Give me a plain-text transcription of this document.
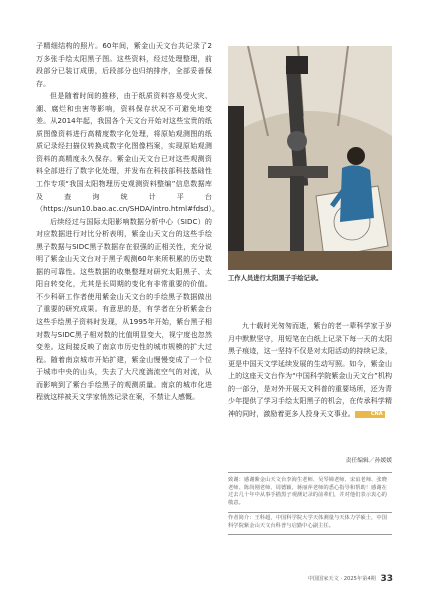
子精细结构的照片。60年间，紫金山天文台共记录了2万多张手绘太阳黑子图。这些资料，经过处理整理，前段部分已装订成册，后段部分也归纳排序，全部妥善保存。

但是随着时间的推移，由于纸质资料容易受火灾、潮、腐烂和虫害等影响，资料保存状况不可避免地变差。从2014年起，我国各个天文台开始对这些宝贵的纸质图像资料进行高精度数字化处理，将原始观测图的纸质记录经扫描仪转换成数字化图像档案，实现原始观测资料的高精度永久保存。紫金山天文台已对这些观测资料全部进行了数字化处理，并发布在科技部科技基础性工作专项“我国太阳物理历史观测资料整编”信息数据库及查询统计平台（https://sun10.bao.ac.cn/SHDA/intro.html#fdsd）。

后续经过与国际太阳影响数据分析中心（SIDC）的对应数据进行对比分析表明，紫金山天文台的这些手绘黑子数据与SIDC黑子数据存在很强的正相关性，充分说明了紫金山天文台对于黑子观测60年来所积累的历史数据的可靠性。这些数据的收集整理对研究太阳黑子、太阳自转变化，尤其是长周期的变化有非常重要的价值。不少科研工作者使用紫金山天文台的手绘黑子数据做出了重要的研究成果。有意思的是，有学者在分析紫金台这些手绘黑子资料时发现，从1995年开始，紫台黑子相对数与SIDC黑子相对数的比值明显变大，视宁度也忽然变差。这间接反映了南京市历史性的城市规模的扩大过程。随着南京城市开始扩建，紫金山慢慢变成了一个位于城市中央的山头，失去了大尺度湍流空气的对流，从而影响到了紫台手绘黑子的观测质量。南京的城市化进程就这样被天文学家悄然记录在案，不禁让人感慨。

工作人员进行太阳黑子手绘记录。

九十载时光匆匆而逝，紫台的老一辈科学家于岁月中默默坚守，用短笔在白纸上记录下每一天的太阳黑子痕迹，这一坚持不仅是对太阳活动的持续记录，更是中国天文学延续发展的生动写照。如今，紫金山上的这座天文台作为“中国科学院紫金山天文台”机构的一部分，是对外开展天文科普的重要场所，还为青少年提供了学习手绘太阳黑子的机会，在传承科学精神的同时，激励着更多人投身天文事业。	CNA

责任编辑／孙媛媛
致谢：感谢紫金山天文台李海生老师、吴琴娣老师、宋谊老师、张晓老师、陈尚刚老师、周德颖、蒋丽萍老师的悉心指导和帮助！感谢在过去几十年中从事手描黑子观测记录的前辈们，并对他们表示衷心的敬意。
作者简介：王科超，中国科学院大学天体测量与天体力学硕士，中国科学院紫金山天文台科普与启勤中心副主任。
中国国家天文 · 2025年第4期 33
